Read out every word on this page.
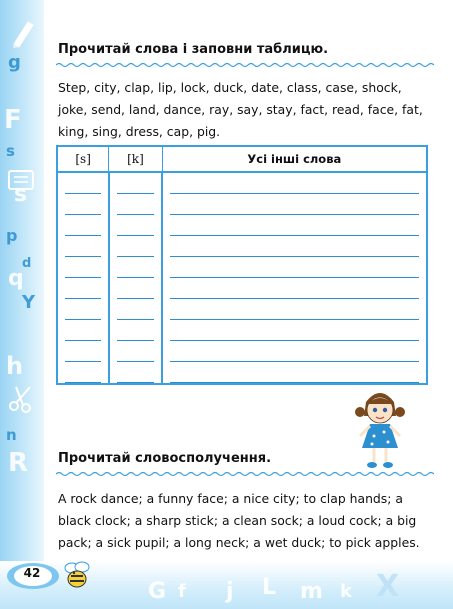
g
s
F
s
p
q
d
Y
h
n
R
G f j L m k X
Прочитай слова і заповни таблицю.
Step, city, clap, lip, lock, duck, date, class, case, shock, joke, send, land, dance, ray, say, stay, fact, read, face, fat, king, sing, dress, cap, pig.
[s]	[k]	Усі інші слова

Прочитай словосполучення.
A rock dance; a funny face; a nice city; to clap hands; a black clock; a sharp stick; a clean sock; a loud cock; a big pack; a sick pupil; a long neck; a wet duck; to pick apples.
42
